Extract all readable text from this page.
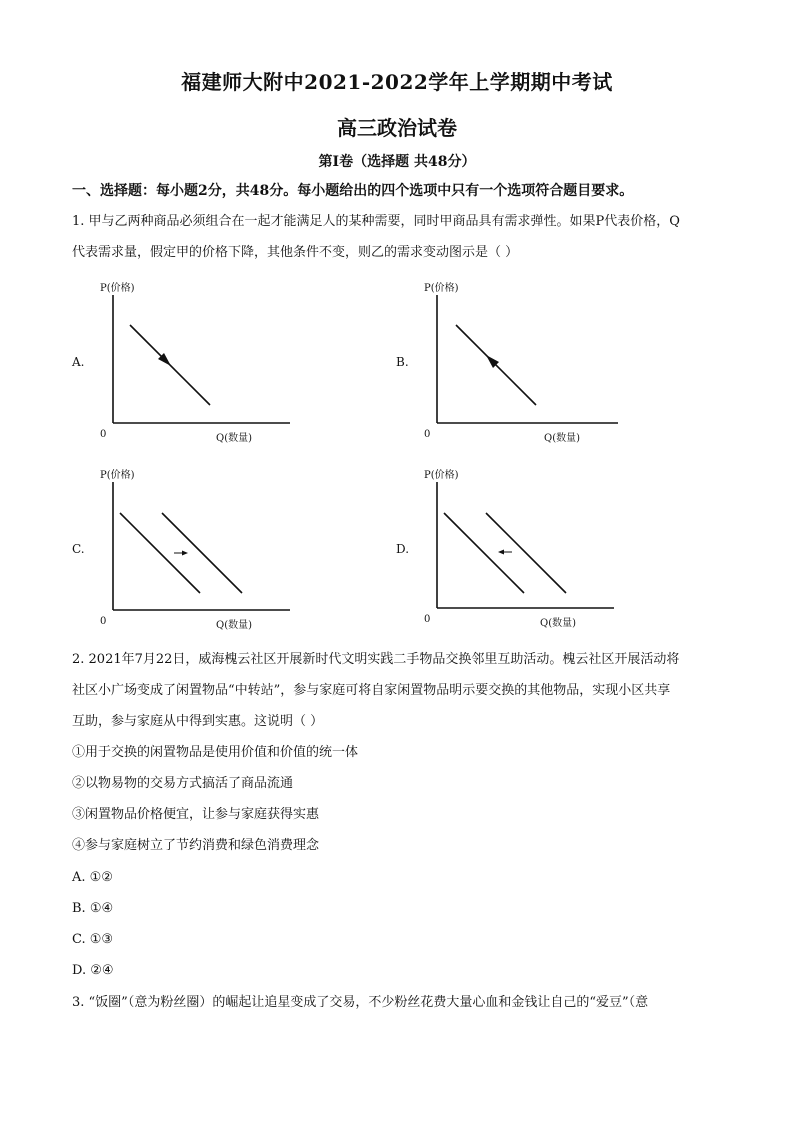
福建师大附中2021-2022学年上学期期中考试
高三政治试卷
第Ⅰ卷（选择题 共48分）
一、选择题：每小题2分，共48分。每小题给出的四个选项中只有一个选项符合题目要求。
1. 甲与乙两种商品必须组合在一起才能满足人的某种需要，同时甲商品具有需求弹性。如果P代表价格，Q
代表需求量，假定甲的价格下降，其他条件不变，则乙的需求变动图示是（ ）
A.
P(价格)
0	Q(数量)
B.
P(价格)
0	Q(数量)
C.
P(价格)
0	Q(数量)
D.
P(价格)
0	Q(数量)
2. 2021年7月22日，威海槐云社区开展新时代文明实践二手物品交换邻里互助活动。槐云社区开展活动将
社区小广场变成了闲置物品“中转站”，参与家庭可将自家闲置物品明示要交换的其他物品，实现小区共享
互助，参与家庭从中得到实惠。这说明（ ）
①用于交换的闲置物品是使用价值和价值的统一体
②以物易物的交易方式搞活了商品流通
③闲置物品价格便宜，让参与家庭获得实惠
④参与家庭树立了节约消费和绿色消费理念
A. ①②
B. ①④
C. ①③
D. ②④
3. “饭圈”（意为粉丝圈）的崛起让追星变成了交易，不少粉丝花费大量心血和金钱让自己的“爱豆”（意
